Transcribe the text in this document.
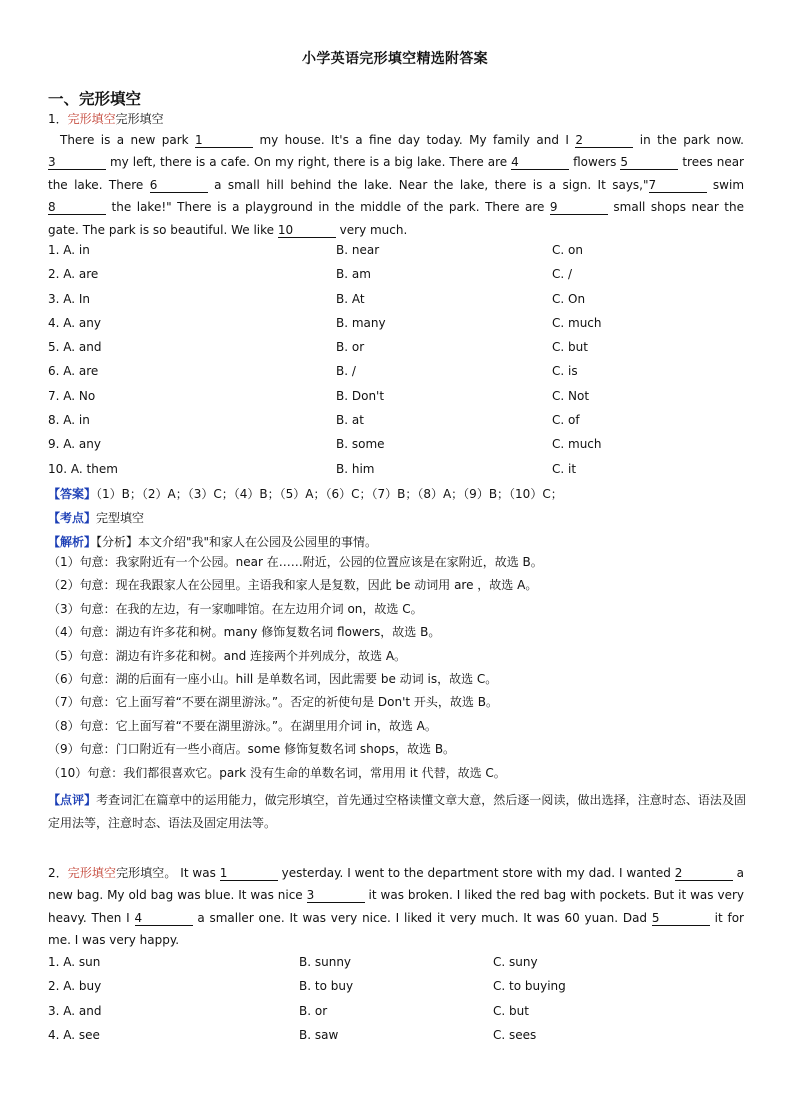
小学英语完形填空精选附答案
一、完形填空
1．完形填空完形填空
There is a new park 1	my house. It's a fine day today. My family and I 2	in the park now. 3	my left, there is a cafe. On my right, there is a big lake. There are 4	flowers 5	trees near the lake. There 6	a small hill behind the lake. Near the lake, there is a sign. It says,"7	swim 8	the lake!" There is a playground in the middle of the park. There are 9	small shops near the gate. The park is so beautiful. We like 10	very much.
1. A. in	B. near	C. on
2. A. are	B. am	C. /
3. A. In	B. At	C. On
4. A. any	B. many	C. much
5. A. and	B. or	C. but
6. A. are	B. /	C. is
7. A. No	B. Don't	C. Not
8. A. in	B. at	C. of
9. A. any	B. some	C. much
10. A. them	B. him	C. it
【答案】（1）B；（2）A；（3）C；（4）B；（5）A；（6）C；（7）B；（8）A；（9）B；（10）C；
【考点】完型填空
【解析】【分析】本文介绍"我"和家人在公园及公园里的事情。
（1）句意：我家附近有一个公园。near 在……附近，公园的位置应该是在家附近，故选 B。
（2）句意：现在我跟家人在公园里。主语我和家人是复数，因此 be 动词用 are ，故选 A。
（3）句意：在我的左边，有一家咖啡馆。在左边用介词 on，故选 C。
（4）句意：湖边有许多花和树。many 修饰复数名词 flowers，故选 B。
（5）句意：湖边有许多花和树。and 连接两个并列成分，故选 A。
（6）句意：湖的后面有一座小山。hill 是单数名词，因此需要 be 动词 is，故选 C。
（7）句意：它上面写着“不要在湖里游泳。”。否定的祈使句是 Don't 开头，故选 B。
（8）句意：它上面写着“不要在湖里游泳。”。在湖里用介词 in，故选 A。
（9）句意：门口附近有一些小商店。some 修饰复数名词 shops，故选 B。
（10）句意：我们都很喜欢它。park 没有生命的单数名词，常用用 it 代替，故选 C。
【点评】考查词汇在篇章中的运用能力，做完形填空，首先通过空格读懂文章大意，然后逐一阅读，做出选择，注意时态、语法及固定用法等，注意时态、语法及固定用法等。
2．完形填空完形填空。 It was 1	yesterday. I went to the department store with my dad. I wanted 2	a new bag. My old bag was blue. It was nice 3	it was broken. I liked the red bag with pockets. But it was very heavy. Then I 4	a smaller one. It was very nice. I liked it very much. It was 60 yuan. Dad 5	it for me. I was very happy.
1. A. sun	B. sunny	C. suny
2. A. buy	B. to buy	C. to buying
3. A. and	B. or	C. but
4. A. see	B. saw	C. sees
